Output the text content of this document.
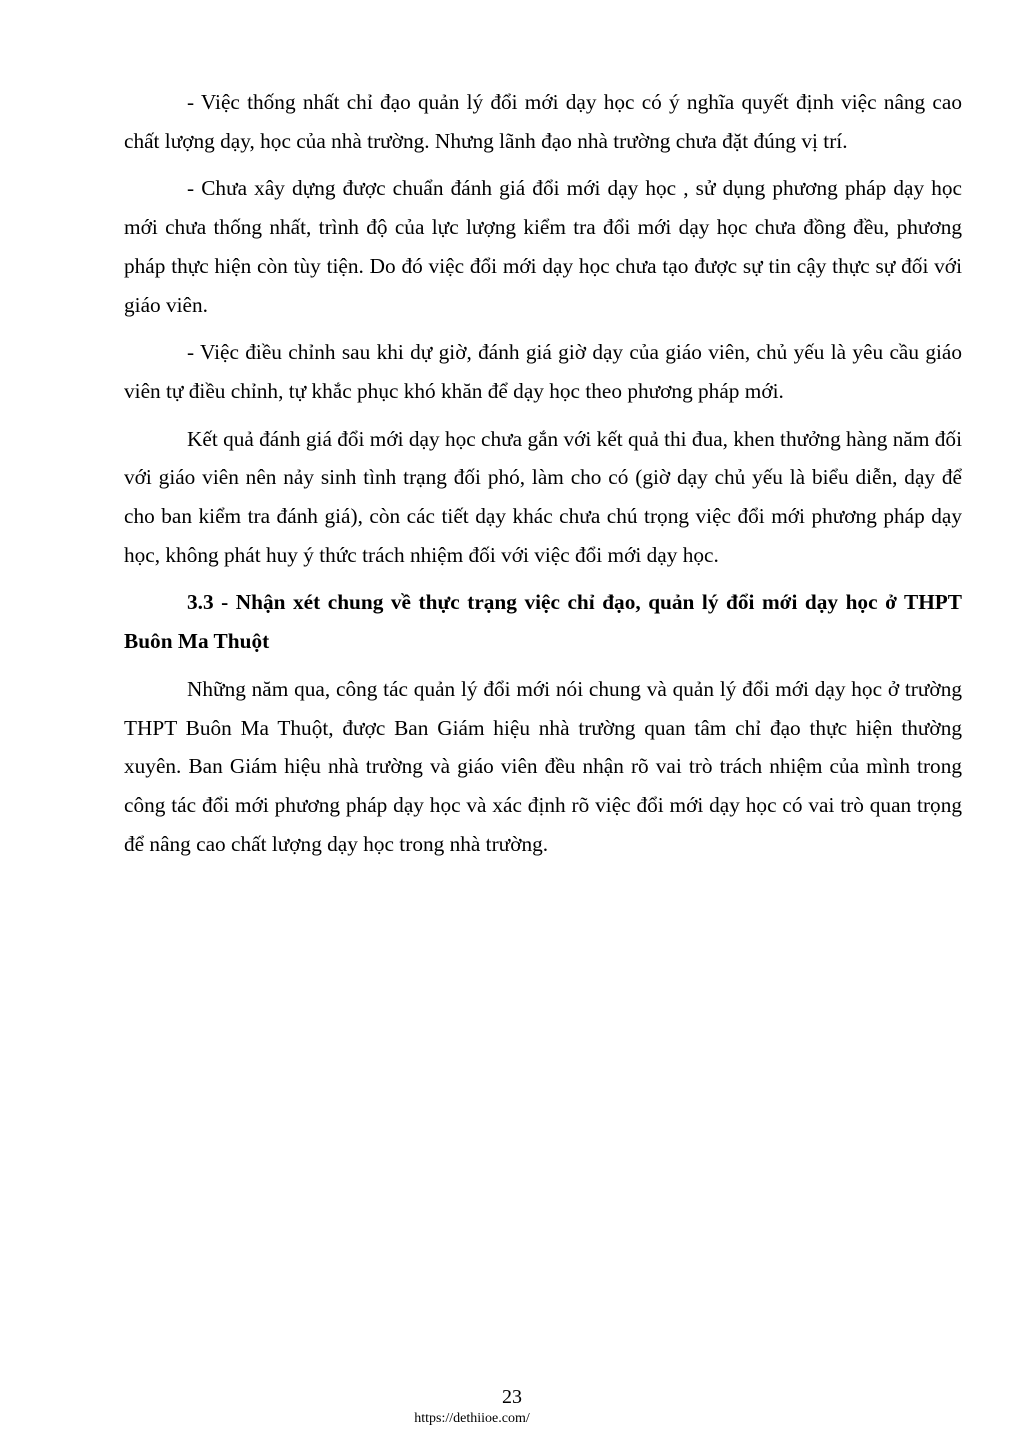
- Việc thống nhất chỉ đạo quản lý đổi mới dạy học có ý nghĩa quyết định việc nâng cao chất lượng dạy, học của nhà trường. Nhưng lãnh đạo nhà trường chưa đặt đúng vị trí.

- Chưa xây dựng được chuẩn đánh giá đổi mới dạy học , sử dụng phương pháp dạy học mới chưa thống nhất, trình độ của lực lượng kiểm tra đổi mới dạy học chưa đồng đều, phương pháp thực hiện còn tùy tiện. Do đó việc đổi mới dạy học chưa tạo được sự tin cậy thực sự đối với giáo viên.

- Việc điều chỉnh sau khi dự giờ, đánh giá giờ dạy của giáo viên, chủ yếu là yêu cầu giáo viên tự điều chỉnh, tự khắc phục khó khăn để dạy học theo phương pháp mới.

Kết quả đánh giá đổi mới dạy học chưa gắn với kết quả thi đua, khen thưởng hàng năm đối với giáo viên nên nảy sinh tình trạng đối phó, làm cho có (giờ dạy chủ yếu là biểu diễn, dạy để cho ban kiểm tra đánh giá), còn các tiết dạy khác chưa chú trọng việc đổi mới phương pháp dạy học, không phát huy ý thức trách nhiệm đối với việc đổi mới dạy học.

3.3 - Nhận xét chung về thực trạng việc chỉ đạo, quản lý đổi mới dạy học ở THPT Buôn Ma Thuột

Những năm qua, công tác quản lý đổi mới nói chung và quản lý đổi mới dạy học ở trường THPT Buôn Ma Thuột, được Ban Giám hiệu nhà trường quan tâm chỉ đạo thực hiện thường xuyên. Ban Giám hiệu nhà trường và giáo viên đều nhận rõ vai trò trách nhiệm của mình trong công tác đổi mới phương pháp dạy học và xác định rõ việc đổi mới dạy học có vai trò quan trọng để nâng cao chất lượng dạy học trong nhà trường.

23
https://dethiioe.com/
